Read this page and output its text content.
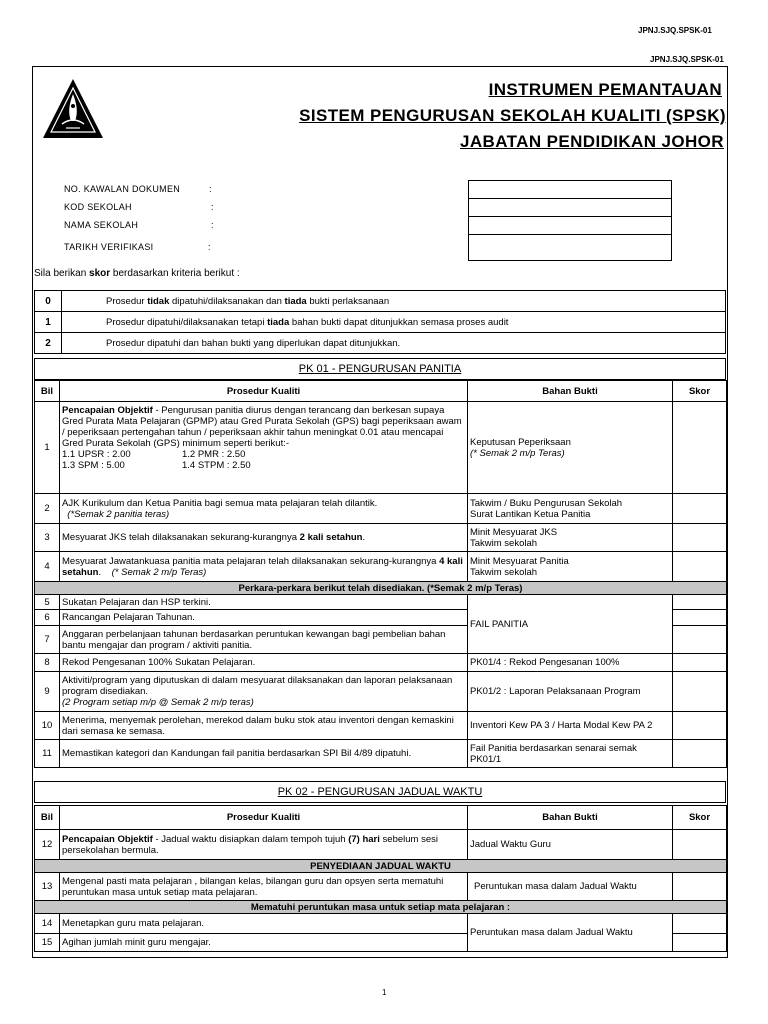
JPNJ.SJQ.SPSK-01
JPNJ.SJQ.SPSK-01
INSTRUMEN PEMANTAUAN
SISTEM PENGURUSAN SEKOLAH KUALITI (SPSK)
JABATAN PENDIDIKAN JOHOR
NO. KAWALAN DOKUMEN	:
KOD SEKOLAH	:
NAMA SEKOLAH	:
TARIKH VERIFIKASI	:
Sila berikan skor berdasarkan kriteria berikut :
0	Prosedur tidak dipatuhi/dilaksanakan dan tiada bukti perlaksanaan
1	Prosedur dipatuhi/dilaksanakan tetapi tiada bahan bukti dapat ditunjukkan semasa proses audit
2	Prosedur dipatuhi dan bahan bukti yang diperlukan dapat ditunjukkan.
PK 01 - PENGURUSAN PANITIA
Bil	Prosedur Kualiti	Bahan Bukti	Skor
1	Pencapaian Objektif - Pengurusan panitia diurus dengan terancang dan berkesan supaya Gred Purata Mata Pelajaran (GPMP) atau Gred Purata Sekolah (GPS) bagi peperiksaan awam / peperiksaan pertengahan tahun / peperiksaan akhir tahun meningkat 0.01 atau mencapai Gred Purata Sekolah (GPS) minimum seperti berikut:-
1.1 UPSR : 2.00 1.2 PMR : 2.50
1.3 SPM : 5.00 1.4 STPM : 2.50	Keputusan Peperiksaan
(* Semak 2 m/p Teras)	
2	AJK Kurikulum dan Ketua Panitia bagi semua mata pelajaran telah dilantik.
(*Semak 2 panitia teras)	Takwim / Buku Pengurusan Sekolah
Surat Lantikan Ketua Panitia	
3	Mesyuarat JKS telah dilaksanakan sekurang-kurangnya 2 kali setahun.	Minit Mesyuarat JKS
Takwim sekolah	
4	Mesyuarat Jawatankuasa panitia mata pelajaran telah dilaksanakan sekurang-kurangnya 4 kali setahun. (* Semak 2 m/p Teras)	Minit Mesyuarat Panitia
Takwim sekolah	
Perkara-perkara berikut telah disediakan. (*Semak 2 m/p Teras)			
5	Sukatan Pelajaran dan HSP terkini.	FAIL PANITIA	
6	Rancangan Pelajaran Tahunan.		
7	Anggaran perbelanjaan tahunan berdasarkan peruntukan kewangan bagi pembelian bahan bantu mengajar dan program / aktiviti panitia.		
8	Rekod Pengesanan 100% Sukatan Pelajaran.	PK01/4 : Rekod Pengesanan 100%	
9	Aktiviti/program yang diputuskan di dalam mesyuarat dilaksanakan dan laporan pelaksanaan program disediakan.
(2 Program setiap m/p @ Semak 2 m/p teras)	PK01/2 : Laporan Pelaksanaan Program	
10	Menerima, menyemak perolehan, merekod dalam buku stok atau inventori dengan kemaskini dari semasa ke semasa.	Inventori Kew PA 3 / Harta Modal Kew PA 2	
11	Memastikan kategori dan Kandungan fail panitia berdasarkan SPI Bil 4/89 dipatuhi.	Fail Panitia berdasarkan senarai semak PK01/1	
PK 02 - PENGURUSAN JADUAL WAKTU
Bil	Prosedur Kualiti	Bahan Bukti	Skor
12	Pencapaian Objektif - Jadual waktu disiapkan dalam tempoh tujuh (7) hari sebelum sesi persekolahan bermula.	Jadual Waktu Guru	
PENYEDIAAN JADUAL WAKTU			
13	Mengenal pasti mata pelajaran , bilangan kelas, bilangan guru dan opsyen serta mematuhi peruntukan masa untuk setiap mata pelajaran.	Peruntukan masa dalam Jadual Waktu	
Mematuhi peruntukan masa untuk setiap mata pelajaran :			
14	Menetapkan guru mata pelajaran.	Peruntukan masa dalam Jadual Waktu	
15	Agihan jumlah minit guru mengajar.		
1
